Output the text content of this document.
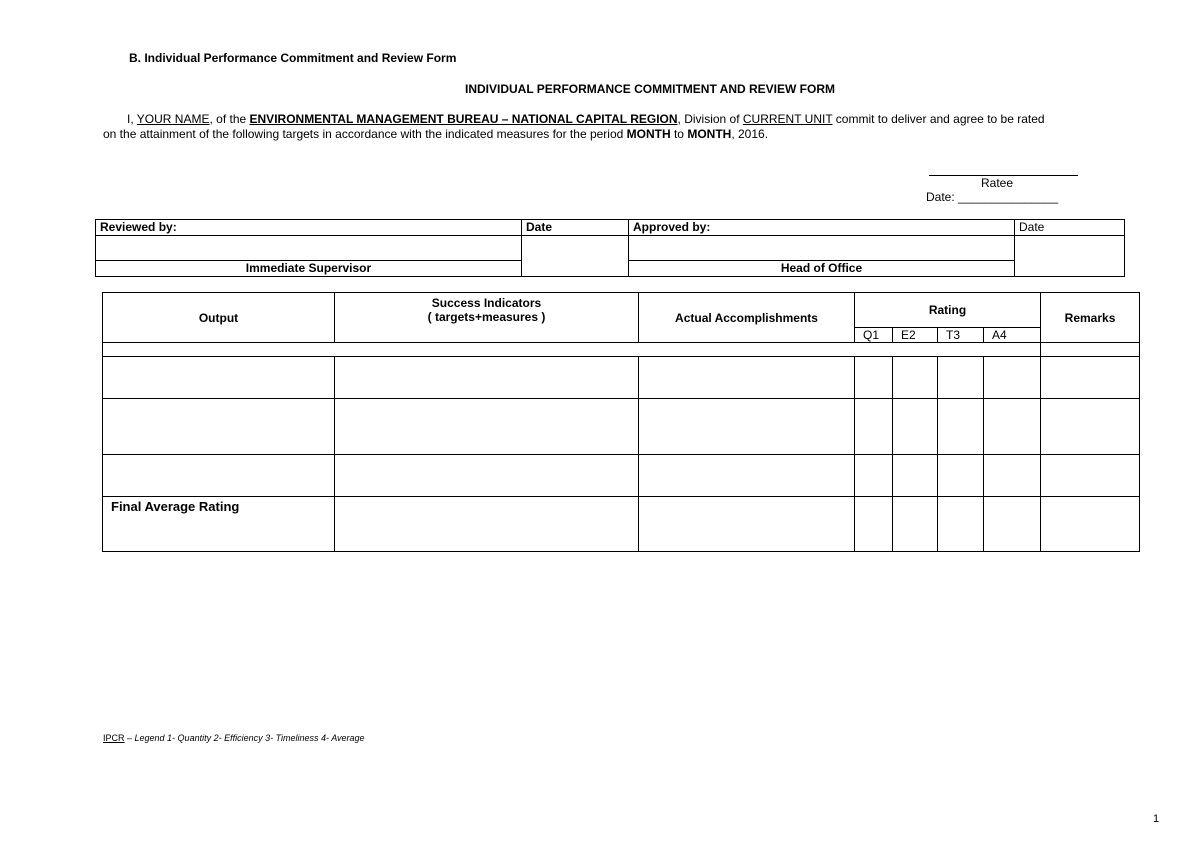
B. Individual Performance Commitment and Review Form
INDIVIDUAL PERFORMANCE COMMITMENT AND REVIEW FORM
I, YOUR NAME, of the ENVIRONMENTAL MANAGEMENT BUREAU – NATIONAL CAPITAL REGION, Division of CURRENT UNIT commit to deliver and agree to be rated
on the attainment of the following targets in accordance with the indicated measures for the period MONTH to MONTH, 2016.
Ratee
Date: _______________
Reviewed by:	Date	Approved by:	Date

Immediate Supervisor		Head of Office	
Output	Success Indicators
( targets+measures )	Actual Accomplishments	Rating				Remarks
			Q1	E2	T3	A4	

Final Average Rating							
IPCR – Legend 1- Quantity 2- Efficiency 3- Timeliness 4- Average
1
